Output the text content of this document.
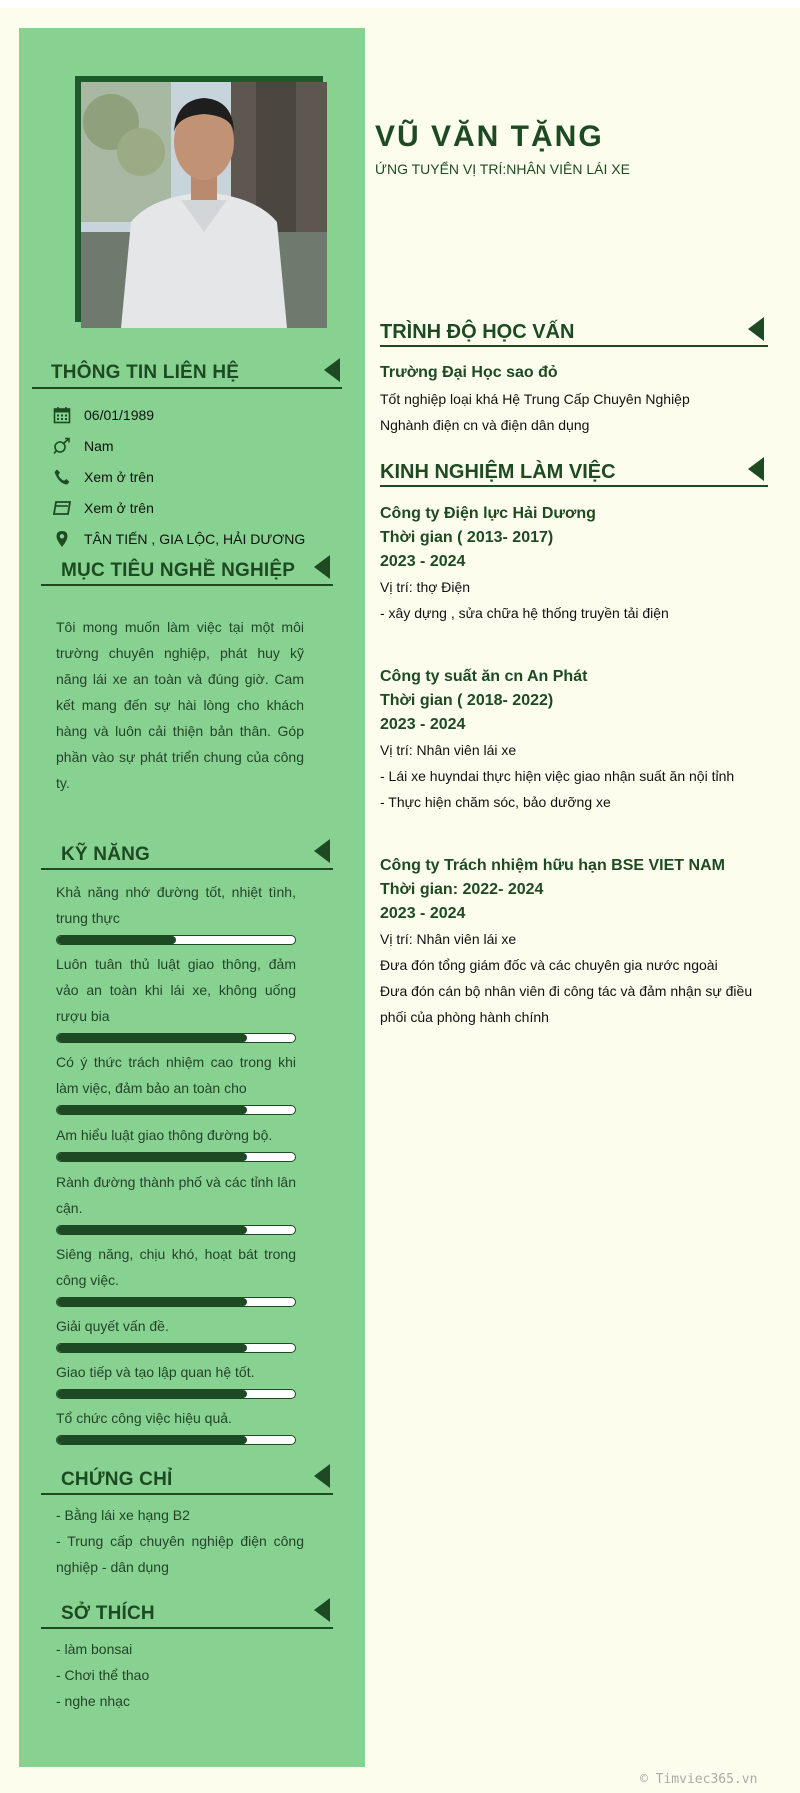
VŨ VĂN TẶNG
ỨNG TUYỂN VỊ TRÍ:NHÂN VIÊN LÁI XE
THÔNG TIN LIÊN HỆ
06/01/1989
Nam
Xem ở trên
Xem ở trên
TÂN TIẾN , GIA LỘC, HẢI DƯƠNG
MỤC TIÊU NGHỀ NGHIỆP
Tôi mong muốn làm việc tại một môi trường chuyên nghiệp, phát huy kỹ năng lái xe an toàn và đúng giờ. Cam kết mang đến sự hài lòng cho khách hàng và luôn cải thiện bản thân. Góp phần vào sự phát triển chung của công ty.
KỸ NĂNG
Khả năng nhớ đường tốt, nhiệt tình, trung thực
Luôn tuân thủ luật giao thông, đảm vảo an toàn khi lái xe, không uống rượu bia
Có ý thức trách nhiệm cao trong khi làm việc, đảm bảo an toàn cho
Am hiểu luật giao thông đường bộ.
Rành đường thành phố và các tỉnh lân cận.
Siêng năng, chịu khó, hoạt bát trong công việc.
Giải quyết vấn đề.
Giao tiếp và tạo lập quan hệ tốt.
Tổ chức công việc hiệu quả.
CHỨNG CHỈ
- Bằng lái xe hạng B2
- Trung cấp chuyên nghiệp điện công nghiệp - dân dụng
SỞ THÍCH
- làm bonsai
- Chơi thể thao
- nghe nhạc
TRÌNH ĐỘ HỌC VẤN
Trường Đại Học sao đỏ
Tốt nghiệp loại khá Hệ Trung Cấp Chuyên Nghiệp
Nghành điện cn và điện dân dụng
KINH NGHIỆM LÀM VIỆC
Công ty Điện lực Hải Dương
Thời gian ( 2013- 2017)
2023 - 2024
Vị trí: thợ Điện
- xây dựng , sửa chữa hệ thống truyền tải điện
Công ty suất ăn cn An Phát
Thời gian ( 2018- 2022)
2023 - 2024
Vị trí: Nhân viên lái xe
- Lái xe huyndai thực hiện việc giao nhận suất ăn nội tỉnh
- Thực hiện chăm sóc, bảo dưỡng xe
Công ty Trách nhiệm hữu hạn BSE VIET NAM
Thời gian: 2022- 2024
2023 - 2024
Vị trí: Nhân viên lái xe
Đưa đón tổng giám đốc và các chuyên gia nước ngoài
Đưa đón cán bộ nhân viên đi công tác và đảm nhận sự điều phối của phòng hành chính
© Timviec365.vn
